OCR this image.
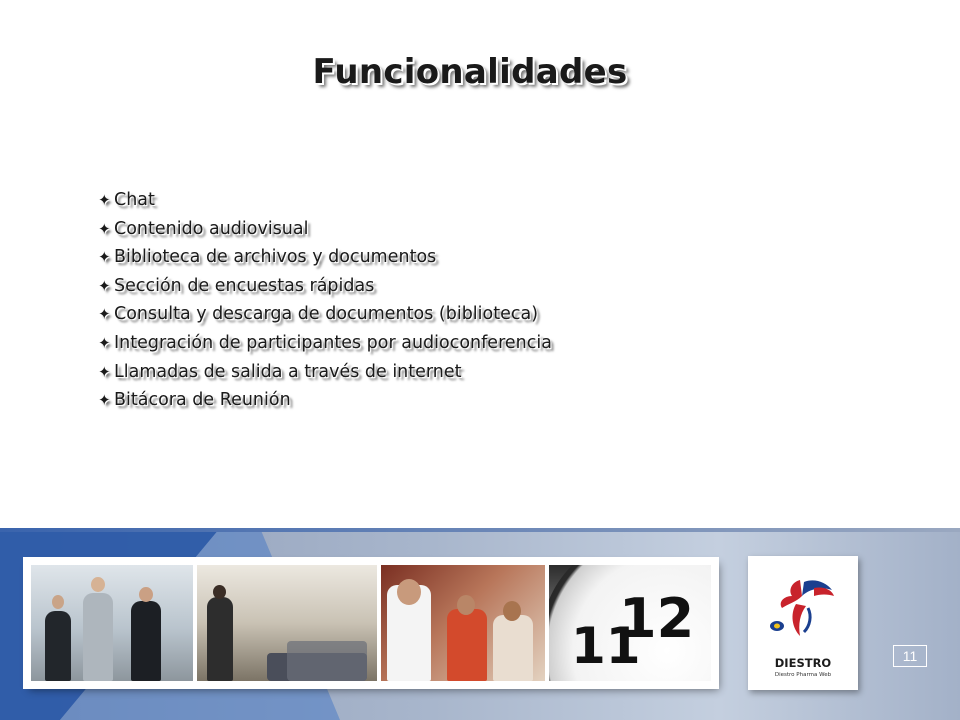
Funcionalidades
✦ Chat
✦ Contenido audiovisual
✦ Biblioteca de archivos y documentos
✦ Sección de encuestas rápidas
✦ Consulta y descarga de documentos (biblioteca)
✦ Integración de participantes por audioconferencia
✦ Llamadas de salida a través de internet
✦ Bitácora de Reunión
12
11	DIESTRO
Diestro Pharma Web
11
